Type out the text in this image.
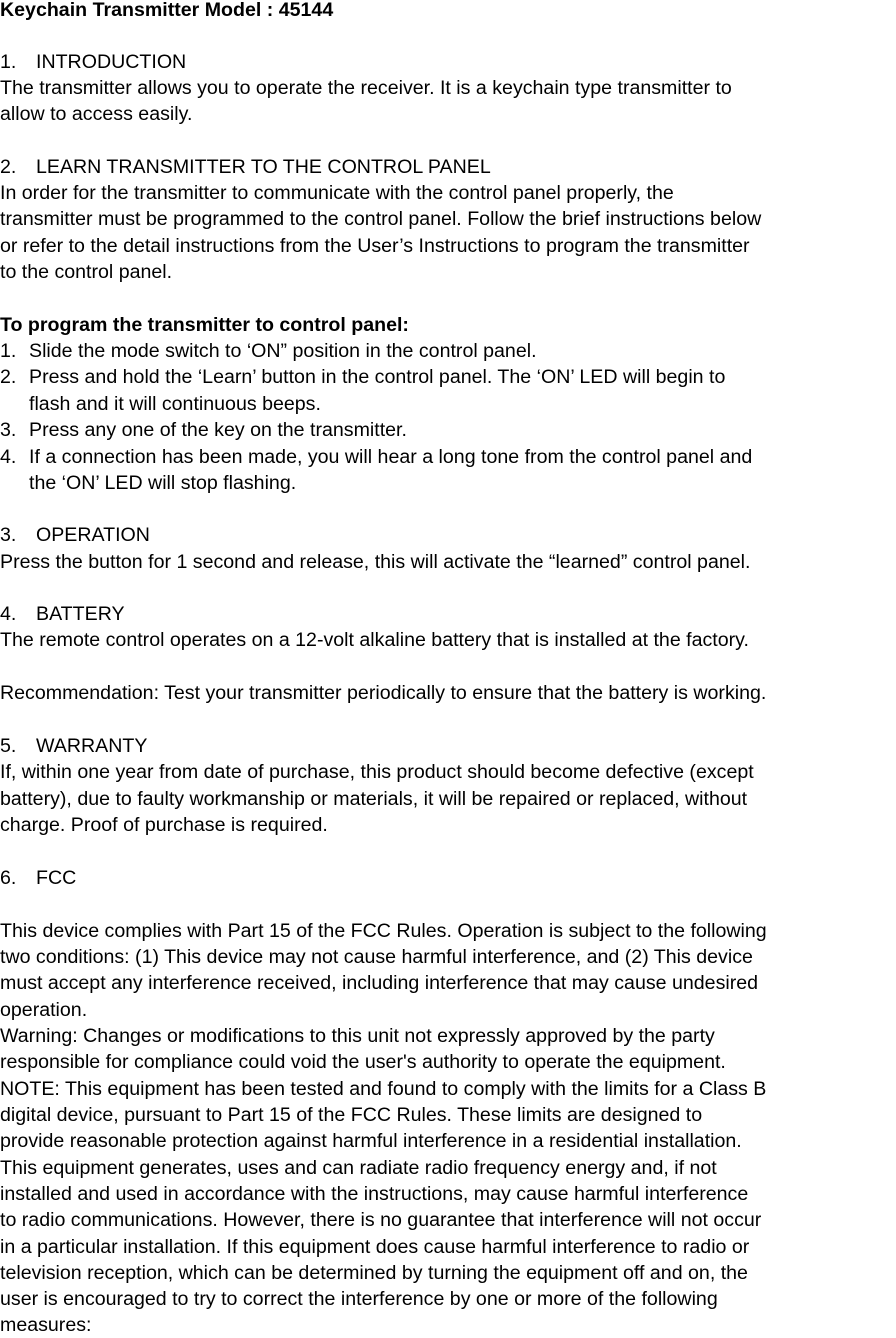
Keychain Transmitter Model : 45144
1. INTRODUCTION
The transmitter allows you to operate the receiver. It is a keychain type transmitter to
allow to access easily.
2. LEARN TRANSMITTER TO THE CONTROL PANEL
In order for the transmitter to communicate with the control panel properly, the
transmitter must be programmed to the control panel. Follow the brief instructions below
or refer to the detail instructions from the User’s Instructions to program the transmitter
to the control panel.
To program the transmitter to control panel:
1. Slide the mode switch to ‘ON” position in the control panel.
2. Press and hold the ‘Learn’ button in the control panel. The ‘ON’ LED will begin to
flash and it will continuous beeps.
3. Press any one of the key on the transmitter.
4. If a connection has been made, you will hear a long tone from the control panel and
the ‘ON’ LED will stop flashing.
3. OPERATION
Press the button for 1 second and release, this will activate the “learned” control panel.
4. BATTERY
The remote control operates on a 12-volt alkaline battery that is installed at the factory.
Recommendation: Test your transmitter periodically to ensure that the battery is working.
5. WARRANTY
If, within one year from date of purchase, this product should become defective (except
battery), due to faulty workmanship or materials, it will be repaired or replaced, without
charge. Proof of purchase is required.
6. FCC
This device complies with Part 15 of the FCC Rules. Operation is subject to the following
two conditions: (1) This device may not cause harmful interference, and (2) This device
must accept any interference received, including interference that may cause undesired
operation.
Warning: Changes or modifications to this unit not expressly approved by the party
responsible for compliance could void the user's authority to operate the equipment.
NOTE: This equipment has been tested and found to comply with the limits for a Class B
digital device, pursuant to Part 15 of the FCC Rules. These limits are designed to
provide reasonable protection against harmful interference in a residential installation.
This equipment generates, uses and can radiate radio frequency energy and, if not
installed and used in accordance with the instructions, may cause harmful interference
to radio communications. However, there is no guarantee that interference will not occur
in a particular installation. If this equipment does cause harmful interference to radio or
television reception, which can be determined by turning the equipment off and on, the
user is encouraged to try to correct the interference by one or more of the following
measures:
